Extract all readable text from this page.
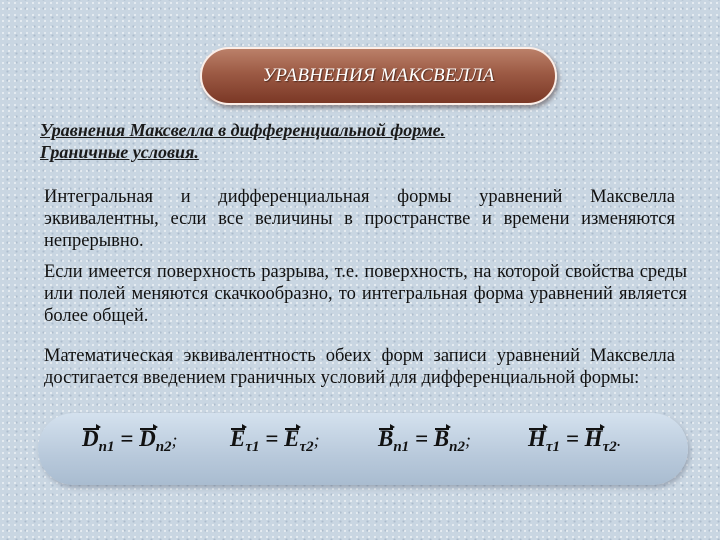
УРАВНЕНИЯ МАКСВЕЛЛА
Уравнения Максвелла в дифференциальной форме.
Граничные условия.
Интегральная и дифференциальная формы уравнений Максвелла эквивалентны, если все величины в пространстве и времени изменяются непрерывно.
Если имеется поверхность разрыва, т.е. поверхность, на которой свойства среды или полей меняются скачкообразно, то интегральная форма уравнений является более общей.
Математическая эквивалентность обеих форм записи уравнений Максвелла достигается введением граничных условий для дифференциальной формы:
$D_{n1} = D_{n2}$; $E_{\tau 1} = E_{\tau 2}$;	$B_{n1} = B_{n2}$; $H_{\tau 1} = H_{\tau 2}$.
